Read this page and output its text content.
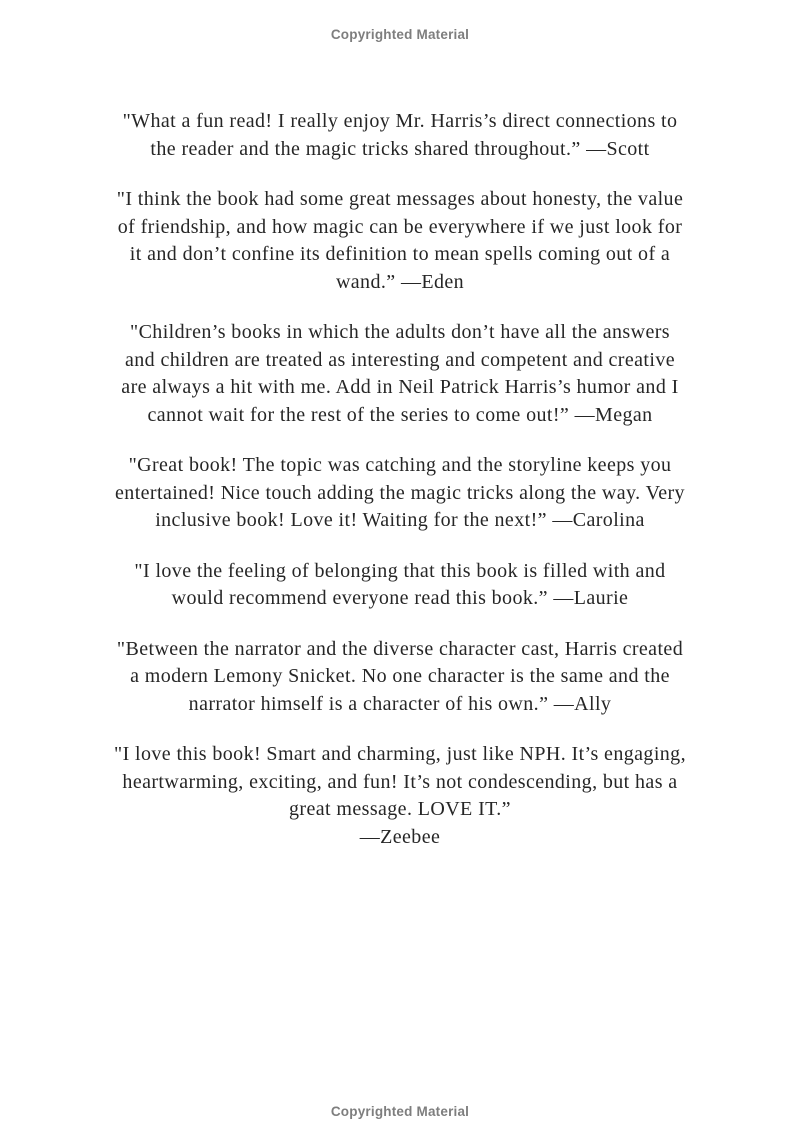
Copyrighted Material

"What a fun read! I really enjoy Mr. Harris’s direct connections to the reader and the magic tricks shared throughout.” —Scott

"I think the book had some great messages about honesty, the value of friendship, and how magic can be everywhere if we just look for it and don’t confine its definition to mean spells coming out of a wand.” —Eden

"Children’s books in which the adults don’t have all the answers and children are treated as interesting and competent and creative are always a hit with me. Add in Neil Patrick Harris’s humor and I cannot wait for the rest of the series to come out!” —Megan

"Great book! The topic was catching and the storyline keeps you entertained! Nice touch adding the magic tricks along the way. Very inclusive book! Love it! Waiting for the next!” —Carolina

"I love the feeling of belonging that this book is filled with and would recommend everyone read this book.” —Laurie

"Between the narrator and the diverse character cast, Harris created a modern Lemony Snicket. No one character is the same and the narrator himself is a character of his own.” —Ally

"I love this book! Smart and charming, just like NPH. It’s engaging, heartwarming, exciting, and fun! It’s not condescending, but has a great message. LOVE IT.”
—Zeebee

Copyrighted Material
